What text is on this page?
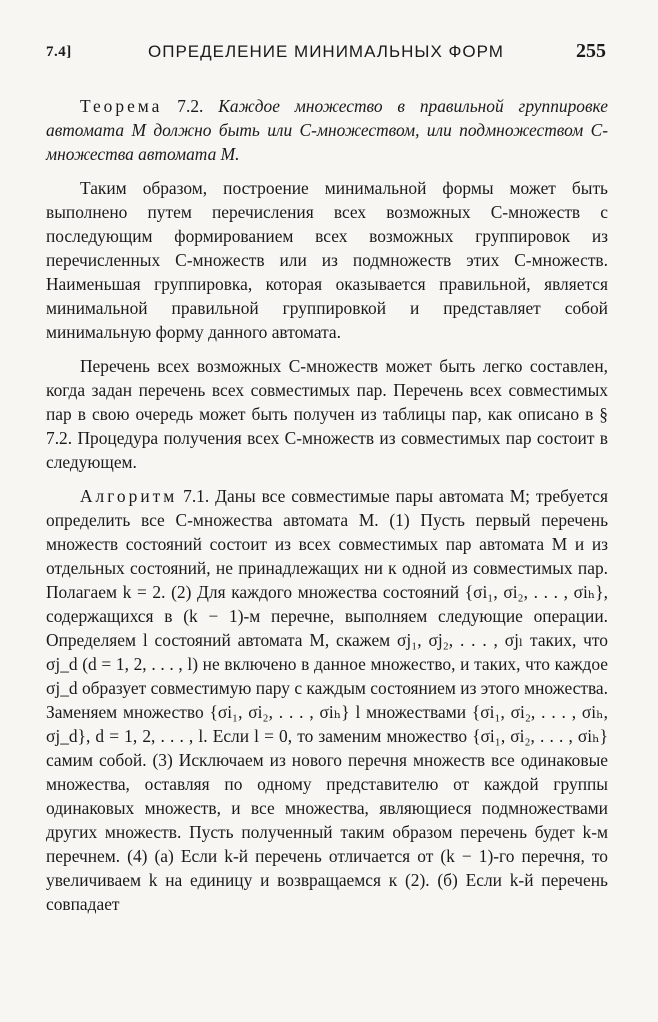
7.4]	ОПРЕДЕЛЕНИЕ МИНИМАЛЬНЫХ ФОРМ	255

Теорема 7.2. Каждое множество в правильной группировке автомата M должно быть или C-множеством, или подмножеством C-множества автомата M.

Таким образом, построение минимальной формы может быть выполнено путем перечисления всех возможных C-множеств с последующим формированием всех возможных группировок из перечисленных C-множеств или из подмножеств этих C-множеств. Наименьшая группировка, которая оказывается правильной, является минимальной правильной группировкой и представляет собой минимальную форму данного автомата.

Перечень всех возможных C-множеств может быть легко составлен, когда задан перечень всех совместимых пар. Перечень всех совместимых пар в свою очередь может быть получен из таблицы пар, как описано в § 7.2. Процедура получения всех C-множеств из совместимых пар состоит в следующем.

Алгоритм 7.1. Даны все совместимые пары автомата M; требуется определить все C-множества автомата M. (1) Пусть первый перечень множеств состояний состоит из всех совместимых пар автомата M и из отдельных состояний, не принадлежащих ни к одной из совместимых пар. Полагаем k = 2. (2) Для каждого множества состояний {σi₁, σi₂, . . . , σiₕ}, содержащихся в (k − 1)-м перечне, выполняем следующие операции. Определяем l состояний автомата M, скажем σj₁, σj₂, . . . , σjₗ таких, что σj_d (d = 1, 2, . . . , l) не включено в данное множество, и таких, что каждое σj_d образует совместимую пару с каждым состоянием из этого множества. Заменяем множество {σi₁, σi₂, . . . , σiₕ} l множествами {σi₁, σi₂, . . . , σiₕ, σj_d}, d = 1, 2, . . . , l. Если l = 0, то заменим множество {σi₁, σi₂, . . . , σiₕ} самим собой. (3) Исключаем из нового перечня множеств все одинаковые множества, оставляя по одному представителю от каждой группы одинаковых множеств, и все множества, являющиеся подмножествами других множеств. Пусть полученный таким образом перечень будет k-м перечнем. (4) (а) Если k-й перечень отличается от (k − 1)-го перечня, то увеличиваем k на единицу и возвращаемся к (2). (б) Если k-й перечень совпадает
